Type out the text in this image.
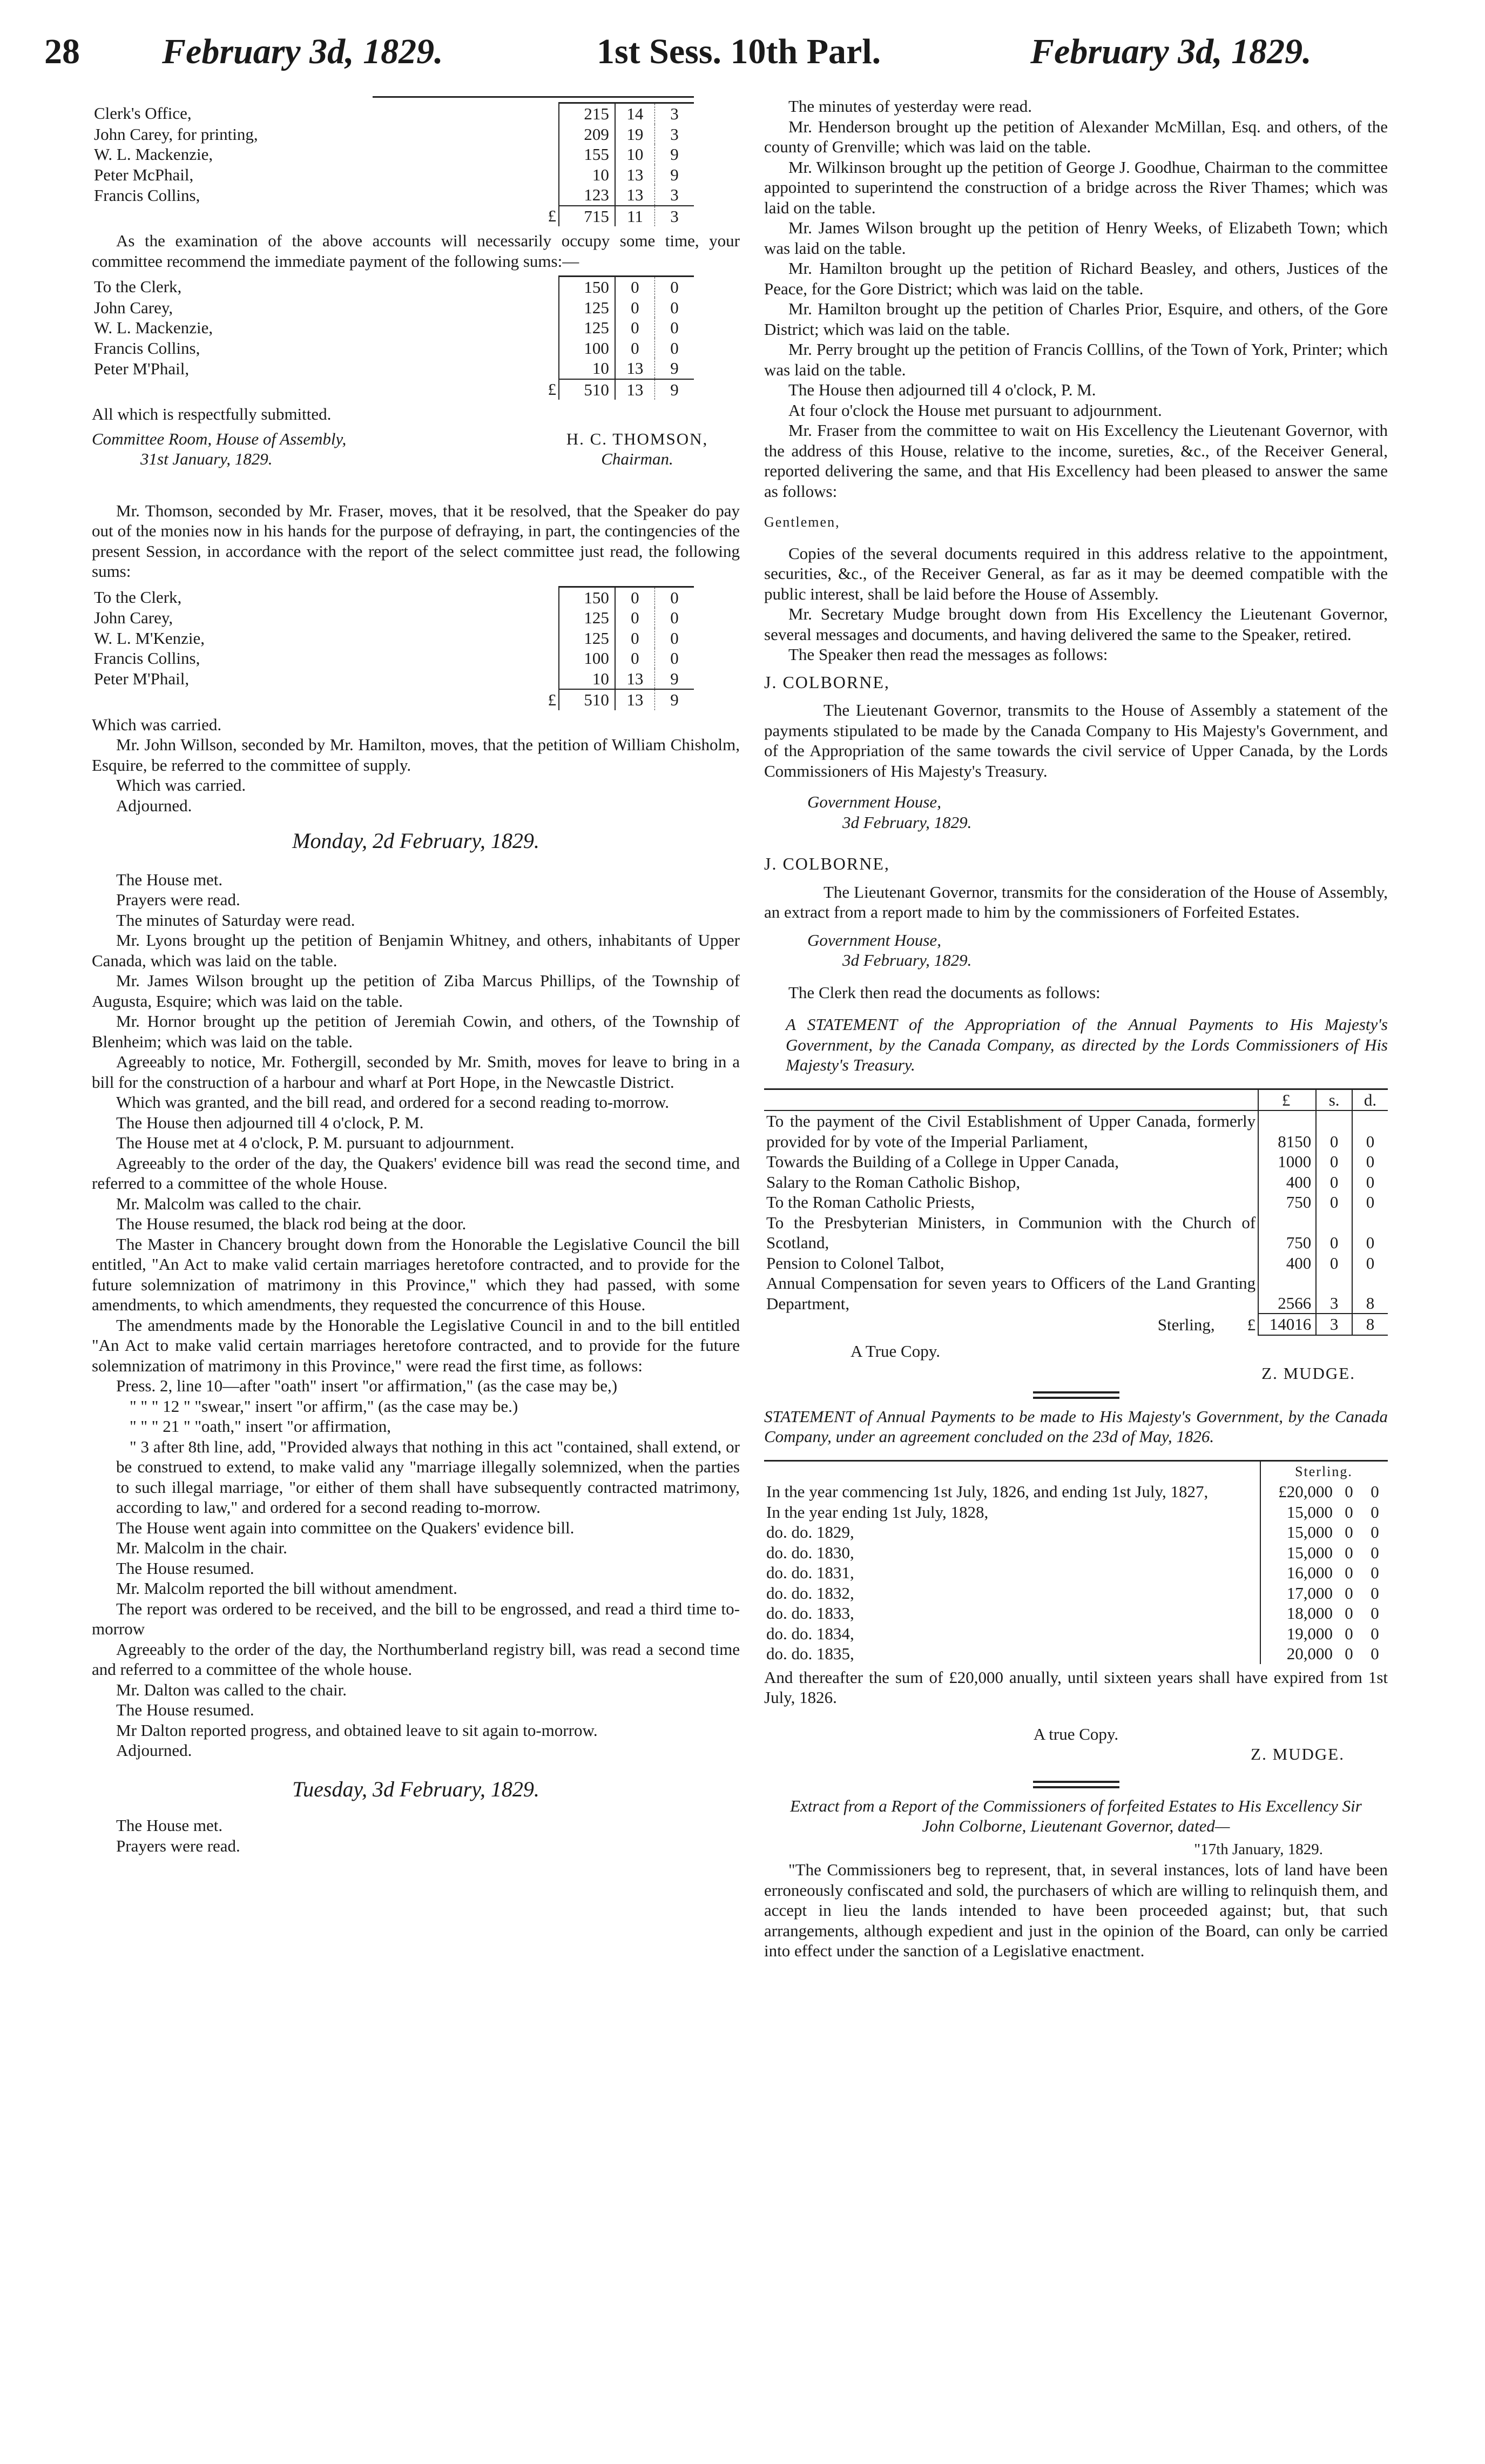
28 February 3d, 1829.	1st Sess. 10th Parl.	February 3d, 1829.
Clerk's Office,		215	14	3
John Carey, for printing,		209	19	3
W. L. Mackenzie,		155	10	9
Peter McPhail,		10	13	9
Francis Collins,		123	13	3
	£	715	11	3

As the examination of the above accounts will necessarily occupy some time, your committee recommend the immediate payment of the following sums:—

To the Clerk,		150	0	0
John Carey,		125	0	0
W. L. Mackenzie,		125	0	0
Francis Collins,		100	0	0
Peter M'Phail,		10	13	9
	£	510	13	9

All which is respectfully submitted.

Committee Room, House of Assembly,
31st January, 1829.
H. C. THOMSON,
Chairman.

Mr. Thomson, seconded by Mr. Fraser, moves, that it be resolved, that the Speaker do pay out of the monies now in his hands for the purpose of defraying, in part, the contingencies of the present Session, in accordance with the report of the select committee just read, the following sums:

To the Clerk,		150	0	0
John Carey,		125	0	0
W. L. M'Kenzie,		125	0	0
Francis Collins,		100	0	0
Peter M'Phail,		10	13	9
	£	510	13	9

Which was carried.

Mr. John Willson, seconded by Mr. Hamilton, moves, that the petition of William Chisholm, Esquire, be referred to the committee of supply.

Which was carried.

Adjourned.

Monday, 2d February, 1829.

The House met.

Prayers were read.

The minutes of Saturday were read.

Mr. Lyons brought up the petition of Benjamin Whitney, and others, inhabitants of Upper Canada, which was laid on the table.

Mr. James Wilson brought up the petition of Ziba Marcus Phillips, of the Township of Augusta, Esquire; which was laid on the table.

Mr. Hornor brought up the petition of Jeremiah Cowin, and others, of the Township of Blenheim; which was laid on the table.

Agreeably to notice, Mr. Fothergill, seconded by Mr. Smith, moves for leave to bring in a bill for the construction of a harbour and wharf at Port Hope, in the Newcastle District.

Which was granted, and the bill read, and ordered for a second reading to-morrow.

The House then adjourned till 4 o'clock, P. M.

The House met at 4 o'clock, P. M. pursuant to adjournment.

Agreeably to the order of the day, the Quakers' evidence bill was read the second time, and referred to a committee of the whole House.

Mr. Malcolm was called to the chair.

The House resumed, the black rod being at the door.

The Master in Chancery brought down from the Honorable the Legislative Council the bill entitled, "An Act to make valid certain marriages heretofore contracted, and to provide for the future solemnization of matrimony in this Province," which they had passed, with some amendments, to which amendments, they requested the concurrence of this House.

The amendments made by the Honorable the Legislative Council in and to the bill entitled "An Act to make valid certain marriages heretofore contracted, and to provide for the future solemnization of matrimony in this Province," were read the first time, as follows:

Press. 2, line 10—after "oath" insert "or affirmation," (as the case may be,)

" " " 12 " "swear," insert "or affirm," (as the case may be.)

" " " 21 " "oath," insert "or affirmation,

" 3 after 8th line, add, "Provided always that nothing in this act "contained, shall extend, or be construed to extend, to make valid any "marriage illegally solemnized, when the parties to such illegal marriage, "or either of them shall have subsequently contracted matrimony, according to law," and ordered for a second reading to-morrow.

The House went again into committee on the Quakers' evidence bill.

Mr. Malcolm in the chair.

The House resumed.

Mr. Malcolm reported the bill without amendment.

The report was ordered to be received, and the bill to be engrossed, and read a third time to-morrow

Agreeably to the order of the day, the Northumberland registry bill, was read a second time and referred to a committee of the whole house.

Mr. Dalton was called to the chair.

The House resumed.

Mr Dalton reported progress, and obtained leave to sit again to-morrow.

Adjourned.

Tuesday, 3d February, 1829.

The House met.

Prayers were read.

The minutes of yesterday were read.

Mr. Henderson brought up the petition of Alexander McMillan, Esq. and others, of the county of Grenville; which was laid on the table.

Mr. Wilkinson brought up the petition of George J. Goodhue, Chairman to the committee appointed to superintend the construction of a bridge across the River Thames; which was laid on the table.

Mr. James Wilson brought up the petition of Henry Weeks, of Elizabeth Town; which was laid on the table.

Mr. Hamilton brought up the petition of Richard Beasley, and others, Justices of the Peace, for the Gore District; which was laid on the table.

Mr. Hamilton brought up the petition of Charles Prior, Esquire, and others, of the Gore District; which was laid on the table.

Mr. Perry brought up the petition of Francis Colllins, of the Town of York, Printer; which was laid on the table.

The House then adjourned till 4 o'clock, P. M.

At four o'clock the House met pursuant to adjournment.

Mr. Fraser from the committee to wait on His Excellency the Lieutenant Governor, with the address of this House, relative to the income, sureties, &c., of the Receiver General, reported delivering the same, and that His Excellency had been pleased to answer the same as follows:

Gentlemen,

Copies of the several documents required in this address relative to the appointment, securities, &c., of the Receiver General, as far as it may be deemed compatible with the public interest, shall be laid before the House of Assembly.

Mr. Secretary Mudge brought down from His Excellency the Lieutenant Governor, several messages and documents, and having delivered the same to the Speaker, retired.

The Speaker then read the messages as follows:

J. COLBORNE,

The Lieutenant Governor, transmits to the House of Assembly a statement of the payments stipulated to be made by the Canada Company to His Majesty's Government, and of the Appropriation of the same towards the civil service of Upper Canada, by the Lords Commissioners of His Majesty's Treasury.

Government House,
3d February, 1829.
J. COLBORNE,

The Lieutenant Governor, transmits for the consideration of the House of Assembly, an extract from a report made to him by the commissioners of Forfeited Estates.

Government House,
3d February, 1829.

The Clerk then read the documents as follows:

A STATEMENT of the Appropriation of the Annual Payments to His Majesty's Government, by the Canada Company, as directed by the Lords Commissioners of His Majesty's Treasury.

	£	s.	d.
To the payment of the Civil Establishment of Upper Canada, formerly provided for by vote of the Imperial Parliament,	8150	0	0
Towards the Building of a College in Upper Canada,	1000	0	0
Salary to the Roman Catholic Bishop,	400	0	0
To the Roman Catholic Priests,	750	0	0
To the Presbyterian Ministers, in Communion with the Church of Scotland,	750	0	0
Pension to Colonel Talbot,	400	0	0
Annual Compensation for seven years to Officers of the Land Granting Department,	2566	3	8
Sterling, £	14016	3	8
A True Copy.
Z. MUDGE.

STATEMENT of Annual Payments to be made to His Majesty's Government, by the Canada Company, under an agreement concluded on the 23d of May, 1826.

	Sterling.		
In the year commencing 1st July, 1826, and ending 1st July, 1827,	£20,000	0	0
In the year ending 1st July, 1828,	15,000	0	0
do. do. 1829,	15,000	0	0
do. do. 1830,	15,000	0	0
do. do. 1831,	16,000	0	0
do. do. 1832,	17,000	0	0
do. do. 1833,	18,000	0	0
do. do. 1834,	19,000	0	0
do. do. 1835,	20,000	0	0

And thereafter the sum of £20,000 anually, until sixteen years shall have expired from 1st July, 1826.

A true Copy.
Z. MUDGE.

Extract from a Report of the Commissioners of forfeited Estates to His Excellency Sir John Colborne, Lieutenant Governor, dated—

"17th January, 1829.

"The Commissioners beg to represent, that, in several instances, lots of land have been erroneously confiscated and sold, the purchasers of which are willing to relinquish them, and accept in lieu the lands intended to have been proceeded against; but, that such arrangements, although expedient and just in the opinion of the Board, can only be carried into effect under the sanction of a Legislative enactment.
